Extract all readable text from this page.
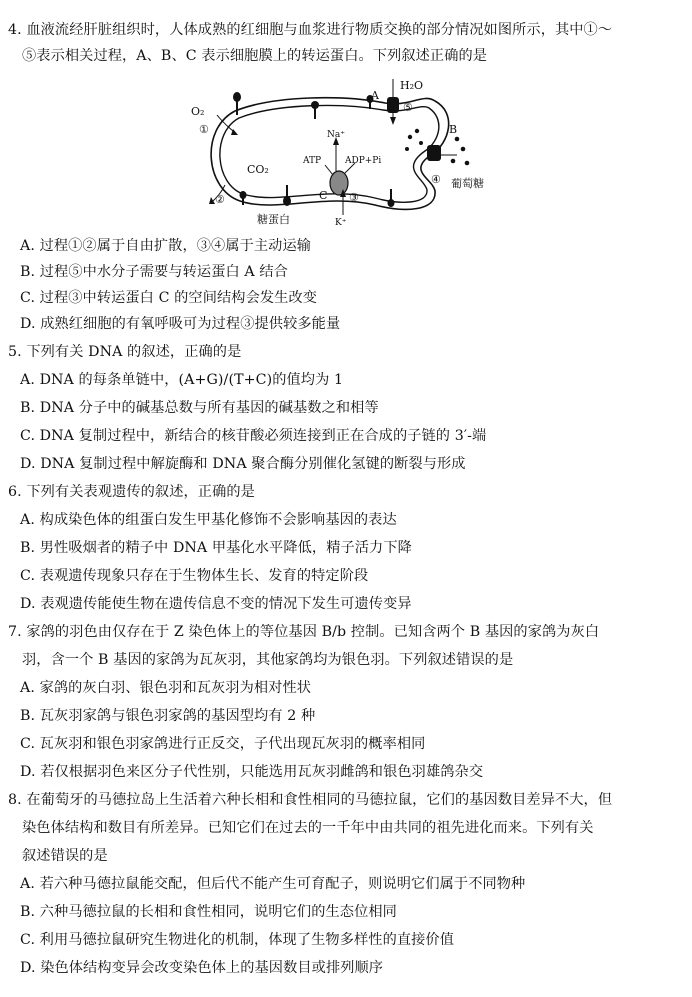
4. 血液流经肝脏组织时，人体成熟的红细胞与血浆进行物质交换的部分情况如图所示，其中①～
⑤表示相关过程，A、B、C 表示细胞膜上的转运蛋白。下列叙述正确的是
H₂O
A
⑤
O₂
①	Na⁺	B
ATP	ADP+Pi
CO₂
④ 葡萄糖
②	C ③
K⁺
糖蛋白
A. 过程①②属于自由扩散，③④属于主动运输
B. 过程⑤中水分子需要与转运蛋白 A 结合
C. 过程③中转运蛋白 C 的空间结构会发生改变
D. 成熟红细胞的有氧呼吸可为过程③提供较多能量
5. 下列有关 DNA 的叙述，正确的是
A. DNA 的每条单链中，(A+G)/(T+C)的值均为 1
B. DNA 分子中的碱基总数与所有基因的碱基数之和相等
C. DNA 复制过程中，新结合的核苷酸必须连接到正在合成的子链的 3′-端
D. DNA 复制过程中解旋酶和 DNA 聚合酶分别催化氢键的断裂与形成
6. 下列有关表观遗传的叙述，正确的是
A. 构成染色体的组蛋白发生甲基化修饰不会影响基因的表达
B. 男性吸烟者的精子中 DNA 甲基化水平降低，精子活力下降
C. 表观遗传现象只存在于生物体生长、发育的特定阶段
D. 表观遗传能使生物在遗传信息不变的情况下发生可遗传变异
7. 家鸽的羽色由仅存在于 Z 染色体上的等位基因 B/b 控制。已知含两个 B 基因的家鸽为灰白
羽，含一个 B 基因的家鸽为瓦灰羽，其他家鸽均为银色羽。下列叙述错误的是
A. 家鸽的灰白羽、银色羽和瓦灰羽为相对性状
B. 瓦灰羽家鸽与银色羽家鸽的基因型均有 2 种
C. 瓦灰羽和银色羽家鸽进行正反交，子代出现瓦灰羽的概率相同
D. 若仅根据羽色来区分子代性别，只能选用瓦灰羽雌鸽和银色羽雄鸽杂交
8. 在葡萄牙的马德拉岛上生活着六种长相和食性相同的马德拉鼠，它们的基因数目差异不大，但
染色体结构和数目有所差异。已知它们在过去的一千年中由共同的祖先进化而来。下列有关
叙述错误的是
A. 若六种马德拉鼠能交配，但后代不能产生可育配子，则说明它们属于不同物种
B. 六种马德拉鼠的长相和食性相同，说明它们的生态位相同
C. 利用马德拉鼠研究生物进化的机制，体现了生物多样性的直接价值
D. 染色体结构变异会改变染色体上的基因数目或排列顺序
